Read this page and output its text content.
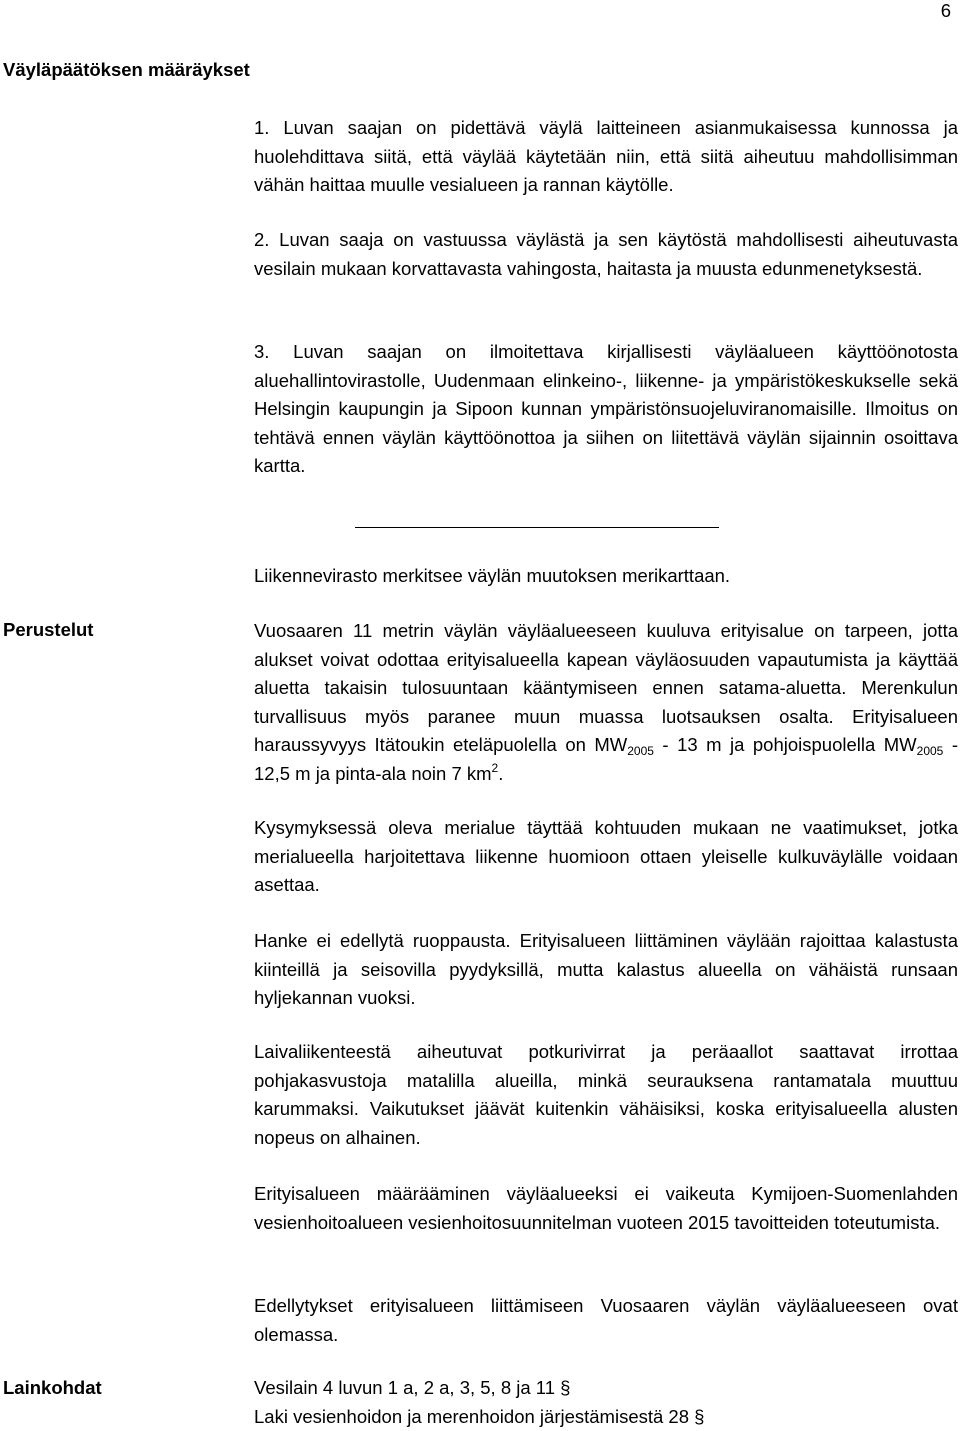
6
Väyläpäätöksen määräykset
Perustelut
Lainkohdat

1. Luvan saajan on pidettävä väylä laitteineen asianmukaisessa kunnossa ja huolehdittava siitä, että väylää käytetään niin, että siitä aiheutuu mahdollisimman vähän haittaa muulle vesialueen ja rannan käytölle.

2. Luvan saaja on vastuussa väylästä ja sen käytöstä mahdollisesti aiheutuvasta vesilain mukaan korvattavasta vahingosta, haitasta ja muusta edunmenetyksestä.

3. Luvan saajan on ilmoitettava kirjallisesti väyläalueen käyttöönotosta aluehallintovirastolle, Uudenmaan elinkeino-, liikenne- ja ympäristökeskukselle sekä Helsingin kaupungin ja Sipoon kunnan ympäristönsuojeluviranomaisille. Ilmoitus on tehtävä ennen väylän käyttöönottoa ja siihen on liitettävä väylän sijainnin osoittava kartta.

Liikennevirasto merkitsee väylän muutoksen merikarttaan.

Vuosaaren 11 metrin väylän väyläalueeseen kuuluva erityisalue on tarpeen, jotta alukset voivat odottaa erityisalueella kapean väyläosuuden vapautumista ja käyttää aluetta takaisin tulosuuntaan kääntymiseen ennen satama-aluetta. Merenkulun turvallisuus myös paranee muun muassa luotsauksen osalta. Erityisalueen haraussyvyys Itätoukin eteläpuolella on $MW_{2005} - 13$ m ja pohjoispuolella $MW_{2005} - 12,5$ m ja pinta-ala noin 7 $km^2$.

Kysymyksessä oleva merialue täyttää kohtuuden mukaan ne vaatimukset, jotka merialueella harjoitettava liikenne huomioon ottaen yleiselle kulkuväylälle voidaan asettaa.

Hanke ei edellytä ruoppausta. Erityisalueen liittäminen väylään rajoittaa kalastusta kiinteillä ja seisovilla pyydyksillä, mutta kalastus alueella on vähäistä runsaan hyljekannan vuoksi.

Laivaliikenteestä aiheutuvat potkurivirrat ja peräaallot saattavat irrottaa pohjakasvustoja matalilla alueilla, minkä seurauksena rantamatala muuttuu karummaksi. Vaikutukset jäävät kuitenkin vähäisiksi, koska erityisalueella alusten nopeus on alhainen.

Erityisalueen määrääminen väyläalueeksi ei vaikeuta Kymijoen-Suomenlahden vesienhoitoalueen vesienhoitosuunnitelman vuoteen 2015 tavoitteiden toteutumista.

Edellytykset erityisalueen liittämiseen Vuosaaren väylän väyläalueeseen ovat olemassa.

Vesilain 4 luvun 1 a, 2 a, 3, 5, 8 ja 11 §
Laki vesienhoidon ja merenhoidon järjestämisestä 28 §
